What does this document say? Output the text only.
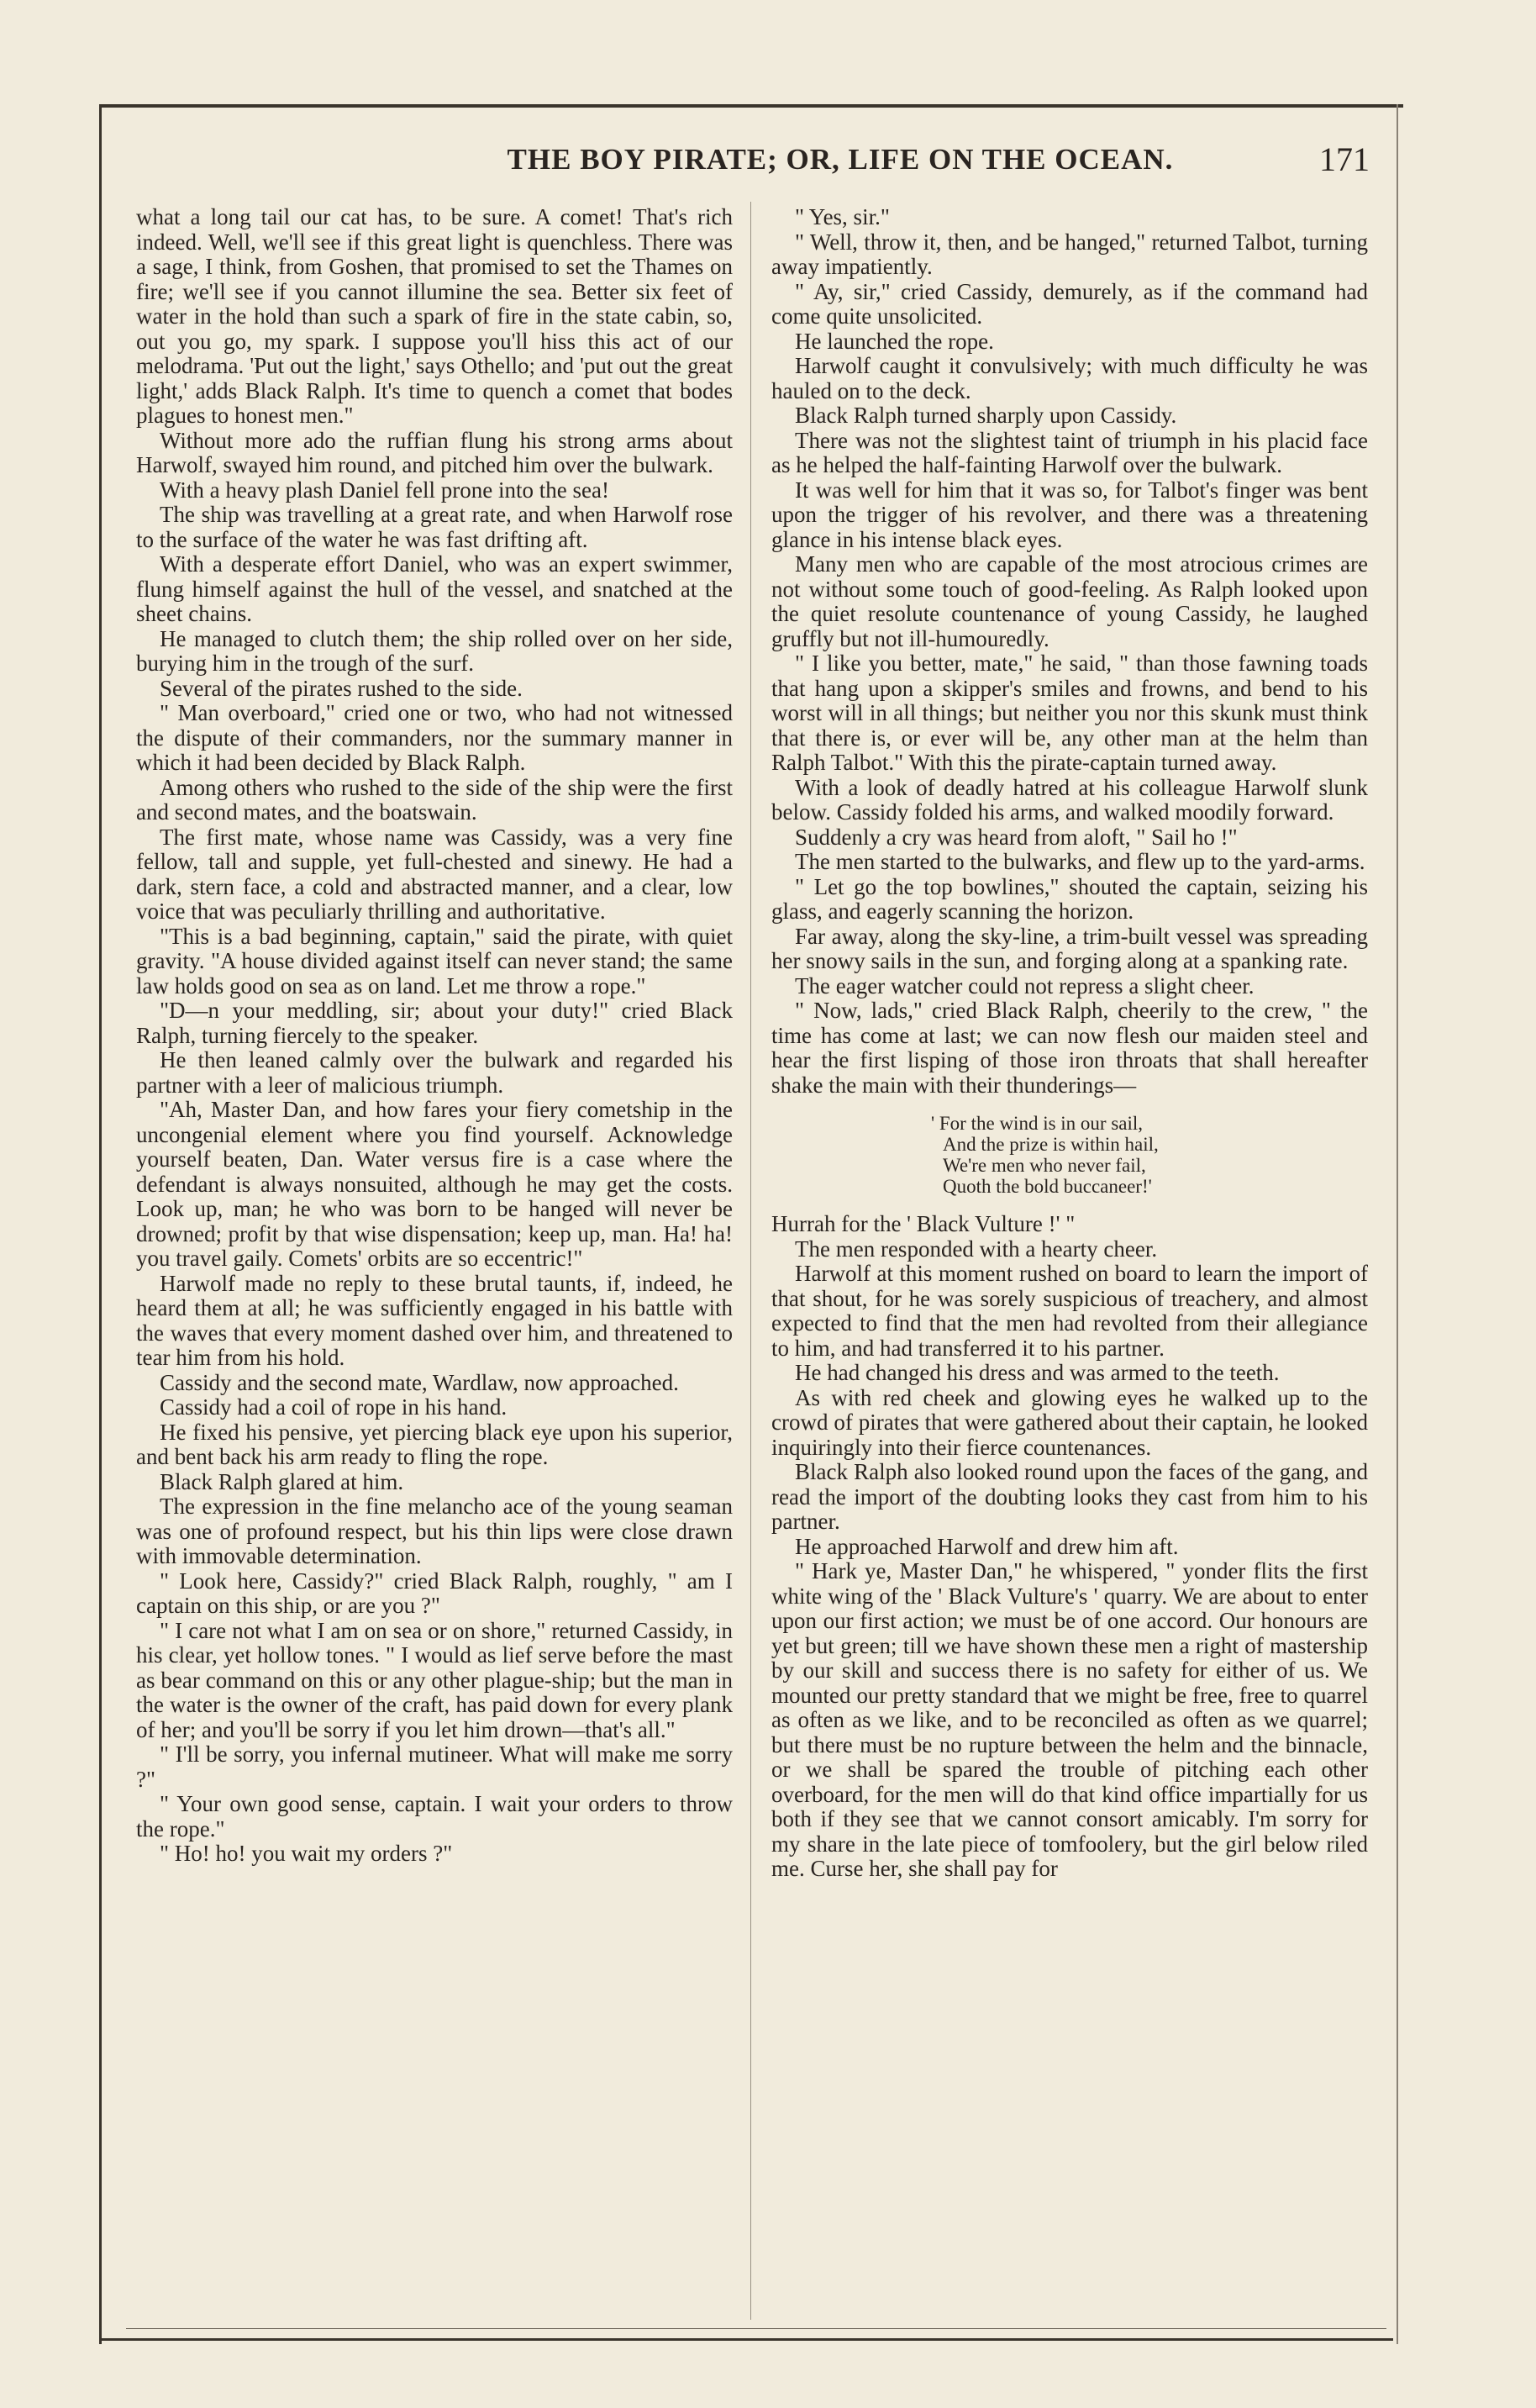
THE BOY PIRATE; OR, LIFE ON THE OCEAN.	171

what a long tail our cat has, to be sure. A comet! That's rich indeed. Well, we'll see if this great light is quenchless. There was a sage, I think, from Goshen, that promised to set the Thames on fire; we'll see if you cannot illumine the sea. Better six feet of water in the hold than such a spark of fire in the state cabin, so, out you go, my spark. I suppose you'll hiss this act of our melodrama. 'Put out the light,' says Othello; and 'put out the great light,' adds Black Ralph. It's time to quench a comet that bodes plagues to honest men."

Without more ado the ruffian flung his strong arms about Harwolf, swayed him round, and pitched him over the bulwark.

With a heavy plash Daniel fell prone into the sea!

The ship was travelling at a great rate, and when Harwolf rose to the surface of the water he was fast drifting aft.

With a desperate effort Daniel, who was an expert swimmer, flung himself against the hull of the vessel, and snatched at the sheet chains.

He managed to clutch them; the ship rolled over on her side, burying him in the trough of the surf.

Several of the pirates rushed to the side.

" Man overboard," cried one or two, who had not witnessed the dispute of their commanders, nor the summary manner in which it had been decided by Black Ralph.

Among others who rushed to the side of the ship were the first and second mates, and the boatswain.

The first mate, whose name was Cassidy, was a very fine fellow, tall and supple, yet full-chested and sinewy. He had a dark, stern face, a cold and abstracted manner, and a clear, low voice that was peculiarly thrilling and authoritative.

"This is a bad beginning, captain," said the pirate, with quiet gravity. "A house divided against itself can never stand; the same law holds good on sea as on land. Let me throw a rope."

"D—n your meddling, sir; about your duty!" cried Black Ralph, turning fiercely to the speaker.

He then leaned calmly over the bulwark and regarded his partner with a leer of malicious triumph.

"Ah, Master Dan, and how fares your fiery cometship in the uncongenial element where you find yourself. Acknowledge yourself beaten, Dan. Water versus fire is a case where the defendant is always nonsuited, although he may get the costs. Look up, man; he who was born to be hanged will never be drowned; profit by that wise dispensation; keep up, man. Ha! ha! you travel gaily. Comets' orbits are so eccentric!"

Harwolf made no reply to these brutal taunts, if, indeed, he heard them at all; he was sufficiently engaged in his battle with the waves that every moment dashed over him, and threatened to tear him from his hold.

Cassidy and the second mate, Wardlaw, now approached.

Cassidy had a coil of rope in his hand.

He fixed his pensive, yet piercing black eye upon his superior, and bent back his arm ready to fling the rope.

Black Ralph glared at him.

The expression in the fine melancho ace of the young seaman was one of profound respect, but his thin lips were close drawn with immovable determination.

" Look here, Cassidy?" cried Black Ralph, roughly, " am I captain on this ship, or are you ?"

" I care not what I am on sea or on shore," returned Cassidy, in his clear, yet hollow tones. " I would as lief serve before the mast as bear command on this or any other plague-ship; but the man in the water is the owner of the craft, has paid down for every plank of her; and you'll be sorry if you let him drown—that's all."

" I'll be sorry, you infernal mutineer. What will make me sorry ?"

" Your own good sense, captain. I wait your orders to throw the rope."

" Ho! ho! you wait my orders ?"

" Yes, sir."

" Well, throw it, then, and be hanged," returned Talbot, turning away impatiently.

" Ay, sir," cried Cassidy, demurely, as if the command had come quite unsolicited.

He launched the rope.

Harwolf caught it convulsively; with much difficulty he was hauled on to the deck.

Black Ralph turned sharply upon Cassidy.

There was not the slightest taint of triumph in his placid face as he helped the half-fainting Harwolf over the bulwark.

It was well for him that it was so, for Talbot's finger was bent upon the trigger of his revolver, and there was a threatening glance in his intense black eyes.

Many men who are capable of the most atrocious crimes are not without some touch of good-feeling. As Ralph looked upon the quiet resolute countenance of young Cassidy, he laughed gruffly but not ill-humouredly.

" I like you better, mate," he said, " than those fawning toads that hang upon a skipper's smiles and frowns, and bend to his worst will in all things; but neither you nor this skunk must think that there is, or ever will be, any other man at the helm than Ralph Talbot." With this the pirate-captain turned away.

With a look of deadly hatred at his colleague Harwolf slunk below. Cassidy folded his arms, and walked moodily forward.

Suddenly a cry was heard from aloft, " Sail ho !"

The men started to the bulwarks, and flew up to the yard-arms.

" Let go the top bowlines," shouted the captain, seizing his glass, and eagerly scanning the horizon.

Far away, along the sky-line, a trim-built vessel was spreading her snowy sails in the sun, and forging along at a spanking rate.

The eager watcher could not repress a slight cheer.

" Now, lads," cried Black Ralph, cheerily to the crew, " the time has come at last; we can now flesh our maiden steel and hear the first lisping of those iron throats that shall hereafter shake the main with their thunderings—

' For the wind is in our sail,
And the prize is within hail,
We're men who never fail,
Quoth the bold buccaneer!'

Hurrah for the ' Black Vulture !' "

The men responded with a hearty cheer.

Harwolf at this moment rushed on board to learn the import of that shout, for he was sorely suspicious of treachery, and almost expected to find that the men had revolted from their allegiance to him, and had transferred it to his partner.

He had changed his dress and was armed to the teeth.

As with red cheek and glowing eyes he walked up to the crowd of pirates that were gathered about their captain, he looked inquiringly into their fierce countenances.

Black Ralph also looked round upon the faces of the gang, and read the import of the doubting looks they cast from him to his partner.

He approached Harwolf and drew him aft.

" Hark ye, Master Dan," he whispered, " yonder flits the first white wing of the ' Black Vulture's ' quarry. We are about to enter upon our first action; we must be of one accord. Our honours are yet but green; till we have shown these men a right of mastership by our skill and success there is no safety for either of us. We mounted our pretty standard that we might be free, free to quarrel as often as we like, and to be reconciled as often as we quarrel; but there must be no rupture between the helm and the binnacle, or we shall be spared the trouble of pitching each other overboard, for the men will do that kind office impartially for us both if they see that we cannot consort amicably. I'm sorry for my share in the late piece of tomfoolery, but the girl below riled me. Curse her, she shall pay for
